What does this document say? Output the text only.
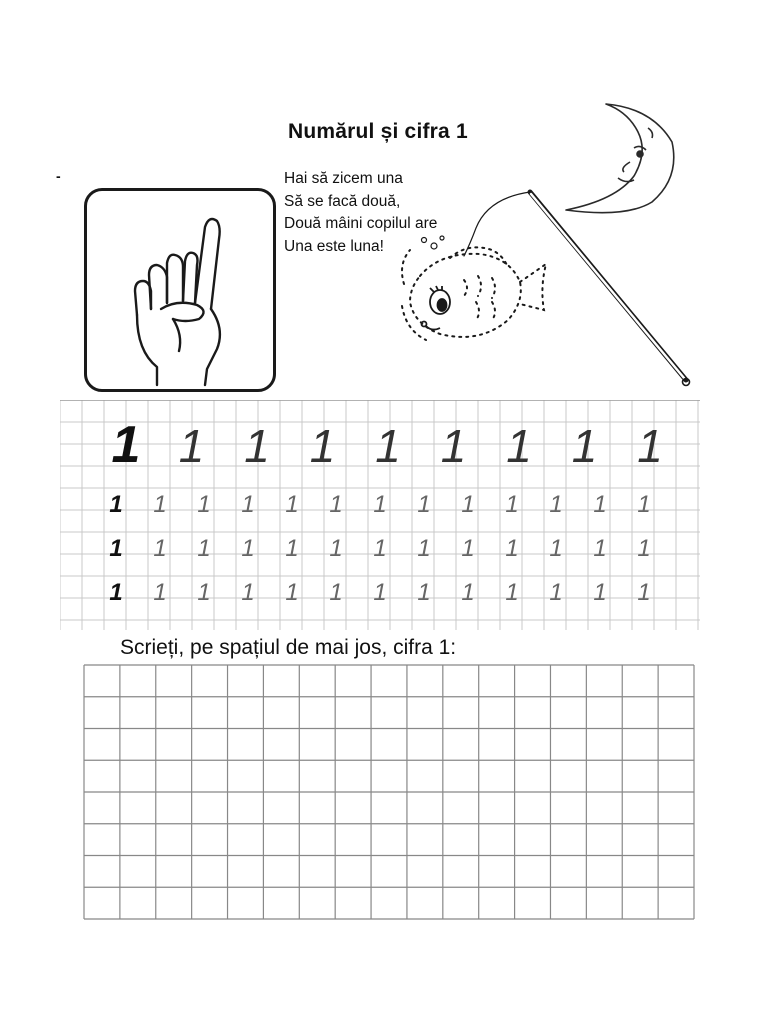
Numărul și cifra 1
-	Hai să zicem una
Să se facă două,
Două mâini copilul are
Una este luna!
1 1 1 1 1 1 1 1 1
1 1 1 1 1 1 1 1 1 1 1 1 1
1 1 1 1 1 1 1 1 1 1 1 1 1
1 1 1 1 1 1 1 1 1 1 1 1 1
Scrieți, pe spațiul de mai jos, cifra 1:
